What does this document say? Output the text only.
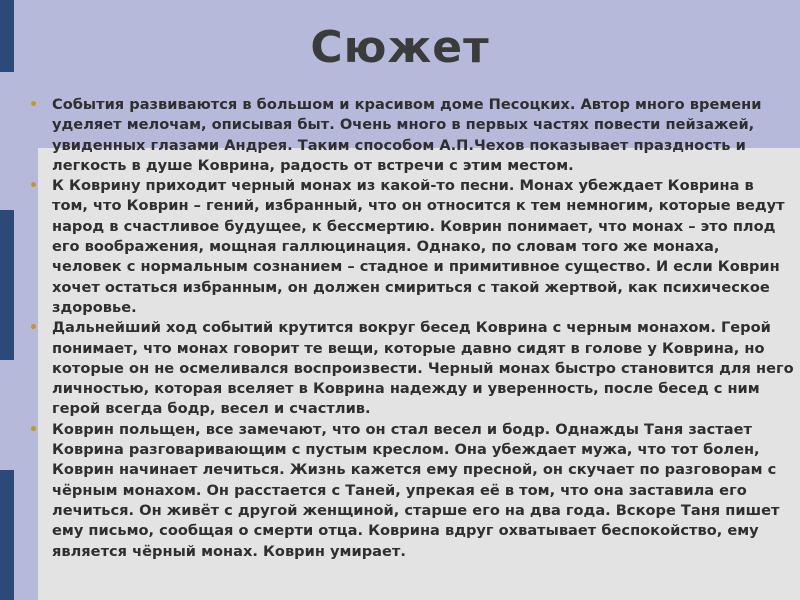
Сюжет
• События развиваются в большом и красивом доме Песоцких. Автор много времени уделяет мелочам, описывая быт. Очень много в первых частях повести пейзажей, увиденных глазами Андрея. Таким способом А.П.Чехов показывает праздность и легкость в душе Коврина, радость от встречи с этим местом.
• К Коврину приходит черный монах из какой-то песни. Монах убеждает Коврина в том, что Коврин – гений, избранный, что он относится к тем немногим, которые ведут народ в счастливое будущее, к бессмертию. Коврин понимает, что монах – это плод его воображения, мощная галлюцинация. Однако, по словам того же монаха, человек с нормальным сознанием – стадное и примитивное существо. И если Коврин хочет остаться избранным, он должен смириться с такой жертвой, как психическое здоровье.
• Дальнейший ход событий крутится вокруг бесед Коврина с черным монахом. Герой понимает, что монах говорит те вещи, которые давно сидят в голове у Коврина, но которые он не осмеливался воспроизвести. Черный монах быстро становится для него личностью, которая вселяет в Коврина надежду и уверенность, после бесед с ним герой всегда бодр, весел и счастлив.
• Коврин польщен, все замечают, что он стал весел и бодр. Однажды Таня застает Коврина разговаривающим с пустым креслом. Она убеждает мужа, что тот болен, Коврин начинает лечиться. Жизнь кажется ему пресной, он скучает по разговорам с чёрным монахом. Он расстается с Таней, упрекая её в том, что она заставила его лечиться. Он живёт с другой женщиной, старше его на два года. Вскоре Таня пишет ему письмо, сообщая о смерти отца. Коврина вдруг охватывает беспокойство, ему является чёрный монах. Коврин умирает.
